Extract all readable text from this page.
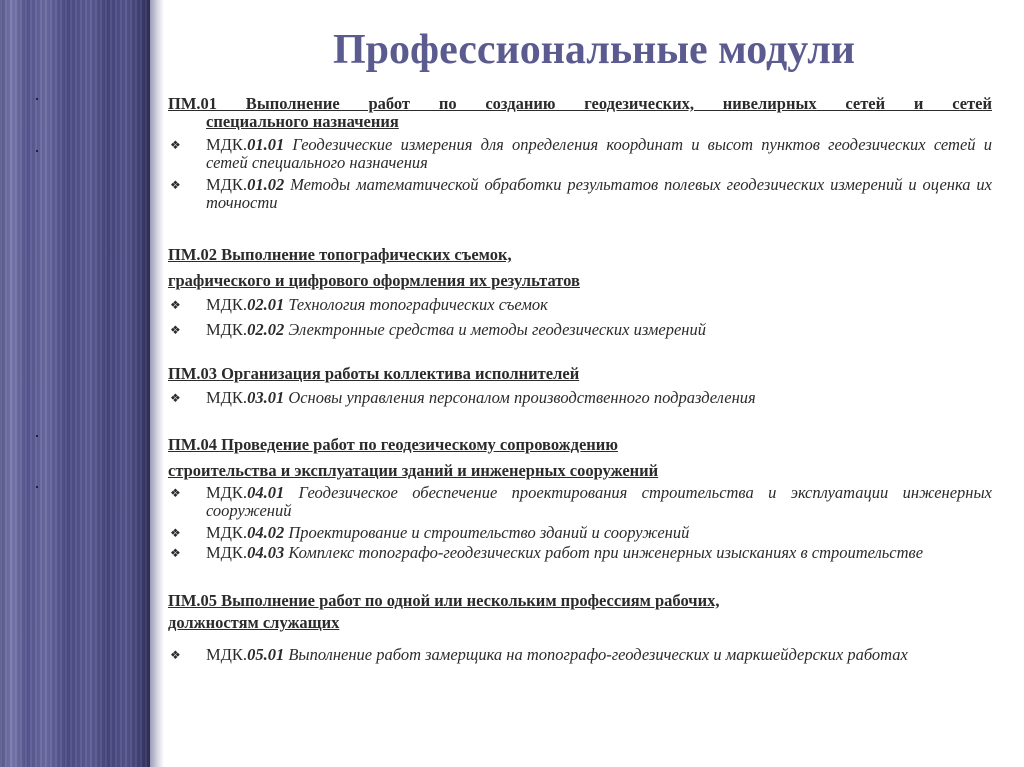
Профессиональные модули
ПМ.01 Выполнение работ по созданию геодезических, нивелирных сетей и сетей
специального назначения
❖ МДК.01.01 Геодезические измерения для определения координат и высот пунктов геодезических сетей и сетей специального назначения
❖ МДК.01.02 Методы математической обработки результатов полевых геодезических измерений и оценка их точности
ПМ.02 Выполнение топографических съемок,
графического и цифрового оформления их результатов
❖ МДК.02.01 Технология топографических съемок
❖ МДК.02.02 Электронные средства и методы геодезических измерений
ПМ.03 Организация работы коллектива исполнителей
❖ МДК.03.01 Основы управления персоналом производственного подразделения
ПМ.04 Проведение работ по геодезическому сопровождению
строительства и эксплуатации зданий и инженерных сооружений
❖ МДК.04.01 Геодезическое обеспечение проектирования строительства и эксплуатации инженерных сооружений
❖ МДК.04.02 Проектирование и строительство зданий и сооружений
❖ МДК.04.03 Комплекс топографо-геодезических работ при инженерных изысканиях в строительстве
ПМ.05 Выполнение работ по одной или нескольким профессиям рабочих,
должностям служащих
❖ МДК.05.01 Выполнение работ замерщика на топографо-геодезических и маркшейдерских работах
